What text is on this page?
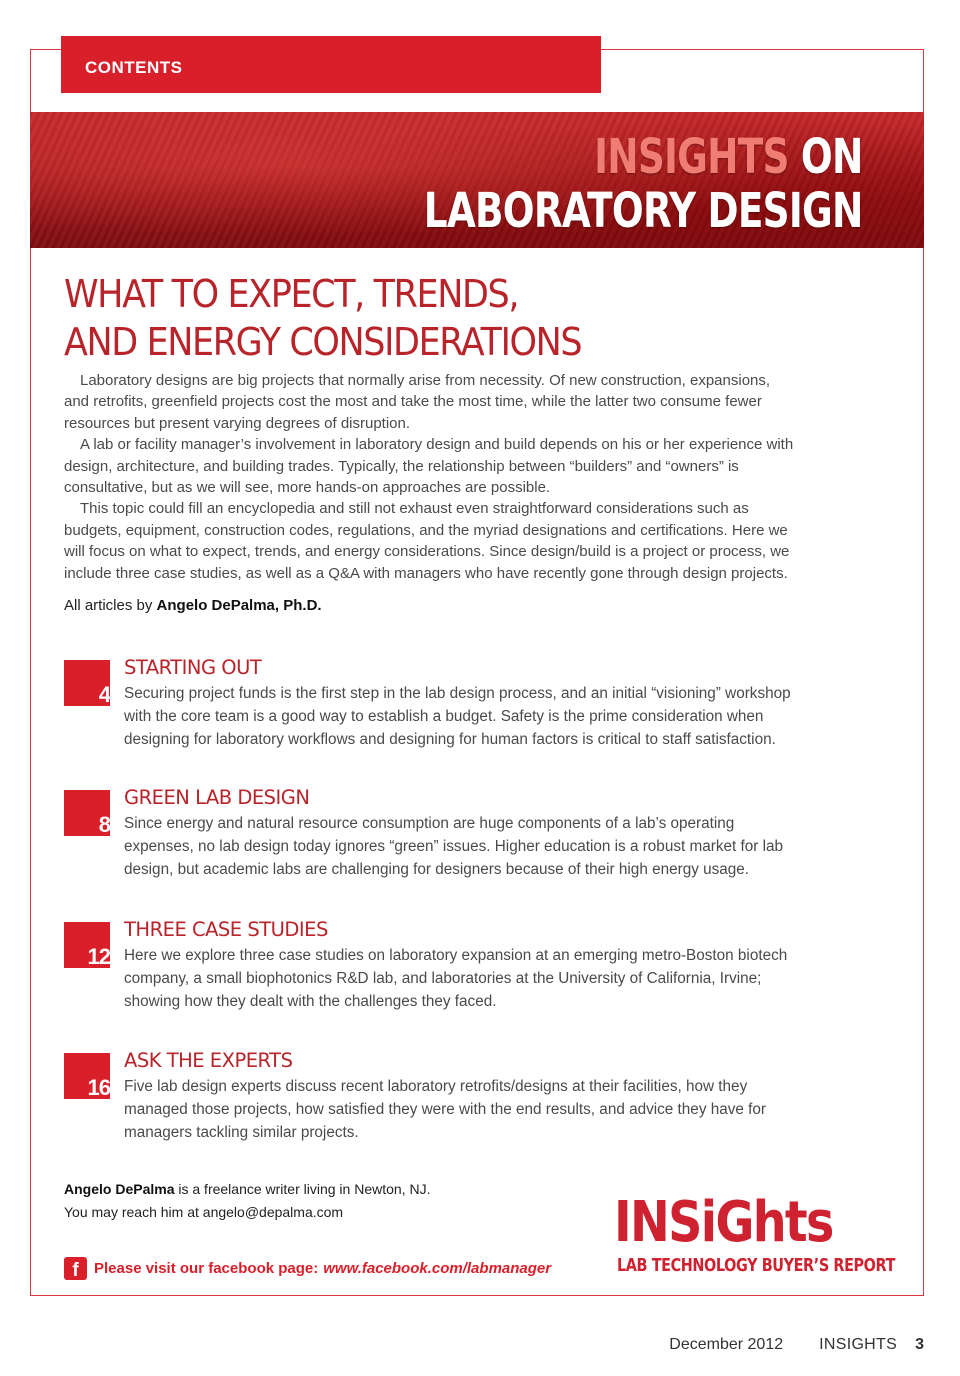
CONTENTS
INSIGHTS ON
LABORATORY DESIGN
WHAT TO EXPECT, TRENDS,
AND ENERGY CONSIDERATIONS

Laboratory designs are big projects that normally arise from necessity. Of new construction, expansions, and retrofits, greenfield projects cost the most and take the most time, while the latter two consume fewer resources but present varying degrees of disruption.

A lab or facility manager’s involvement in laboratory design and build depends on his or her experience with design, architecture, and building trades. Typically, the relationship between “builders” and “owners” is consultative, but as we will see, more hands-on approaches are possible.

This topic could fill an encyclopedia and still not exhaust even straightforward considerations such as budgets, equipment, construction codes, regulations, and the myriad designations and certifications. Here we will focus on what to expect, trends, and energy considerations. Since design/build is a project or process, we include three case studies, as well as a Q&A with managers who have recently gone through design projects.

All articles by Angelo DePalma, Ph.D.
4
STARTING OUT
Securing project funds is the first step in the lab design process, and an initial “visioning” workshop with the core team is a good way to establish a budget. Safety is the prime consideration when designing for laboratory workflows and designing for human factors is critical to staff satisfaction.
8
GREEN LAB DESIGN
Since energy and natural resource consumption are huge components of a lab’s operating expenses, no lab design today ignores “green” issues. Higher education is a robust market for lab design, but academic labs are challenging for designers because of their high energy usage.
12
THREE CASE STUDIES
Here we explore three case studies on laboratory expansion at an emerging metro-Boston biotech company, a small biophotonics R&D lab, and laboratories at the University of California, Irvine; showing how they dealt with the challenges they faced.
16
ASK THE EXPERTS
Five lab design experts discuss recent laboratory retrofits/designs at their facilities, how they managed those projects, how satisfied they were with the end results, and advice they have for managers tackling similar projects.
Angelo DePalma is a freelance writer living in Newton, NJ.
You may reach him at angelo@depalma.com
f	Please visit our facebook page: www.facebook.com/labmanager
INSiGhts
LAB TECHNOLOGY BUYER’S REPORT
December 2012 INSIGHTS 3
